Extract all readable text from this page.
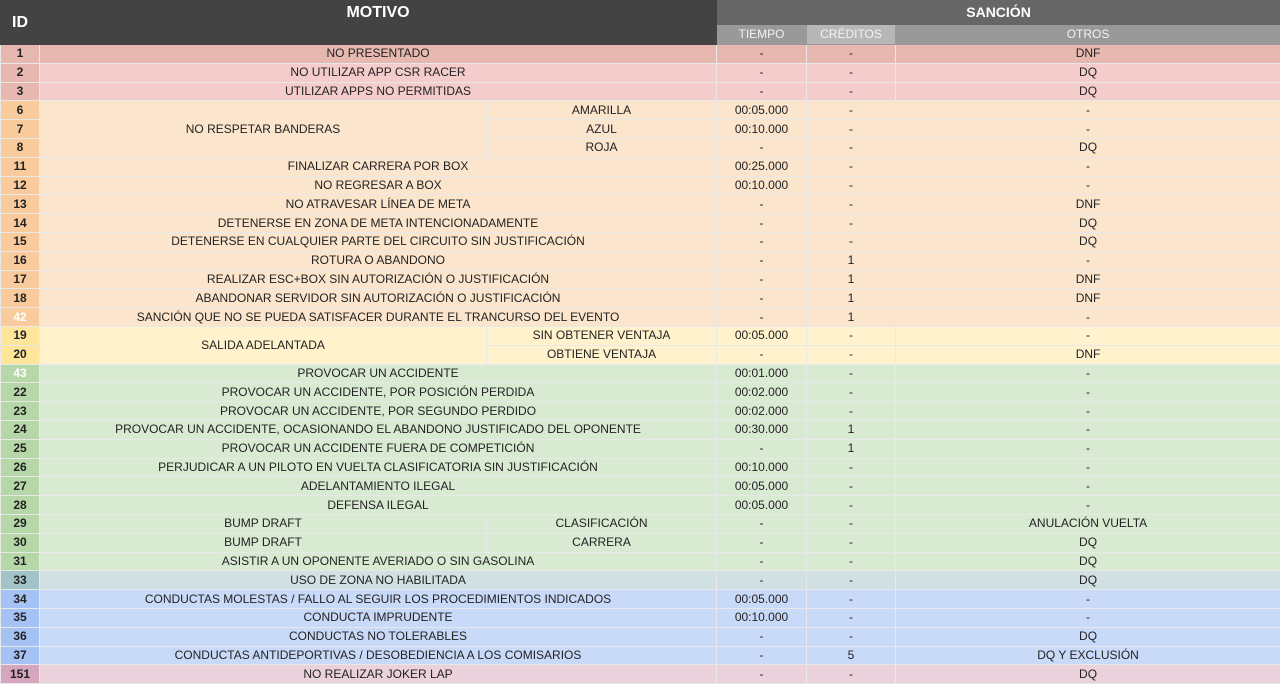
ID	MOTIVO		SANCIÓN		
			TIEMPO	CRÉDITOS	OTROS
1	NO PRESENTADO		-	-	DNF
2	NO UTILIZAR APP CSR RACER		-	-	DQ
3	UTILIZAR APPS NO PERMITIDAS		-	-	DQ
6	NO RESPETAR BANDERAS	AMARILLA	00:05.000	-	-
7		AZUL	00:10.000	-	-
8		ROJA	-	-	DQ
11	FINALIZAR CARRERA POR BOX		00:25.000	-	-
12	NO REGRESAR A BOX		00:10.000	-	-
13	NO ATRAVESAR LÍNEA DE META		-	-	DNF
14	DETENERSE EN ZONA DE META INTENCIONADAMENTE		-	-	DQ
15	DETENERSE EN CUALQUIER PARTE DEL CIRCUITO SIN JUSTIFICACIÓN		-	-	DQ
16	ROTURA O ABANDONO		-	1	-
17	REALIZAR ESC+BOX SIN AUTORIZACIÓN O JUSTIFICACIÓN		-	1	DNF
18	ABANDONAR SERVIDOR SIN AUTORIZACIÓN O JUSTIFICACIÓN		-	1	DNF
42	SANCIÓN QUE NO SE PUEDA SATISFACER DURANTE EL TRANCURSO DEL EVENTO		-	1	-
19	SALIDA ADELANTADA	SIN OBTENER VENTAJA	00:05.000	-	-
20		OBTIENE VENTAJA	-	-	DNF
43	PROVOCAR UN ACCIDENTE		00:01.000	-	-
22	PROVOCAR UN ACCIDENTE, POR POSICIÓN PERDIDA		00:02.000	-	-
23	PROVOCAR UN ACCIDENTE, POR SEGUNDO PERDIDO		00:02.000	-	-
24	PROVOCAR UN ACCIDENTE, OCASIONANDO EL ABANDONO JUSTIFICADO DEL OPONENTE		00:30.000	1	-
25	PROVOCAR UN ACCIDENTE FUERA DE COMPETICIÓN		-	1	-
26	PERJUDICAR A UN PILOTO EN VUELTA CLASIFICATORIA SIN JUSTIFICACIÓN		00:10.000	-	-
27	ADELANTAMIENTO ILEGAL		00:05.000	-	-
28	DEFENSA ILEGAL		00:05.000	-	-
29	BUMP DRAFT	CLASIFICACIÓN	-	-	ANULACIÓN VUELTA
30	BUMP DRAFT	CARRERA	-	-	DQ
31	ASISTIR A UN OPONENTE AVERIADO O SIN GASOLINA		-	-	DQ
33	USO DE ZONA NO HABILITADA		-	-	DQ
34	CONDUCTAS MOLESTAS / FALLO AL SEGUIR LOS PROCEDIMIENTOS INDICADOS		00:05.000	-	-
35	CONDUCTA IMPRUDENTE		00:10.000	-	-
36	CONDUCTAS NO TOLERABLES		-	-	DQ
37	CONDUCTAS ANTIDEPORTIVAS / DESOBEDIENCIA A LOS COMISARIOS		-	5	DQ Y EXCLUSIÓN
151	NO REALIZAR JOKER LAP		-	-	DQ
